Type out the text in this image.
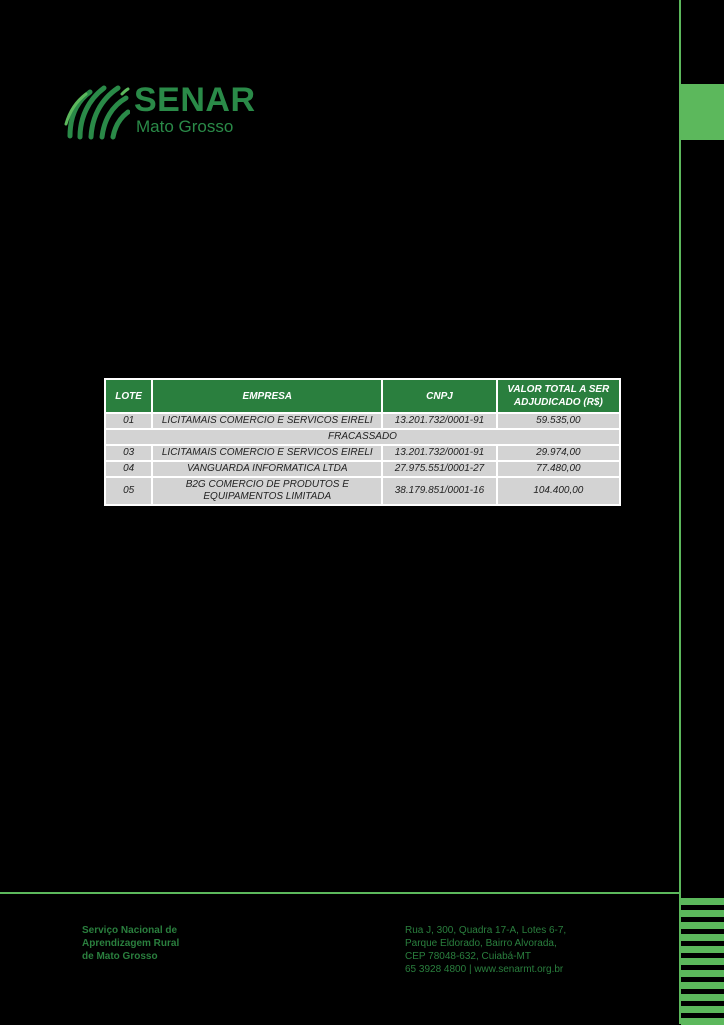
SENAR
Mato Grosso
LOTE	EMPRESA	CNPJ	VALOR TOTAL A SER ADJUDICADO (R$)
01	LICITAMAIS COMERCIO E SERVICOS EIRELI	13.201.732/0001-91	59.535,00
FRACASSADO			
03	LICITAMAIS COMERCIO E SERVICOS EIRELI	13.201.732/0001-91	29.974,00
04	VANGUARDA INFORMATICA LTDA	27.975.551/0001-27	77.480,00
05	B2G COMERCIO DE PRODUTOS E EQUIPAMENTOS LIMITADA	38.179.851/0001-16	104.400,00
Serviço Nacional de
Aprendizagem Rural
de Mato Grosso
Rua J, 300, Quadra 17-A, Lotes 6-7,
Parque Eldorado, Bairro Alvorada,
CEP 78048-632, Cuiabá-MT
65 3928 4800 | www.senarmt.org.br
